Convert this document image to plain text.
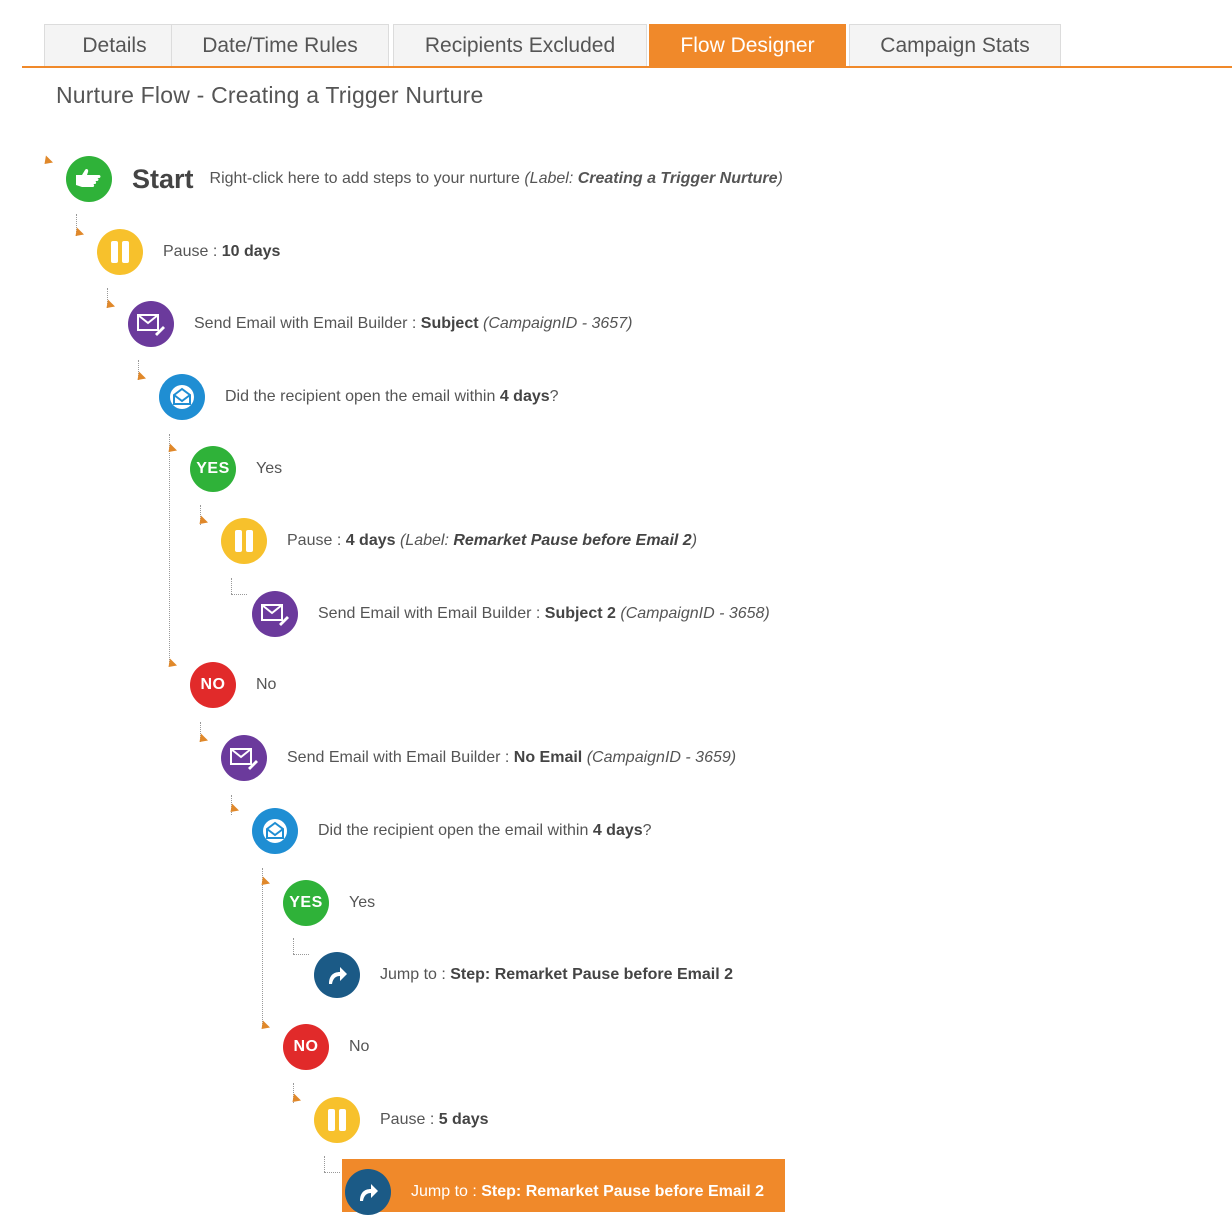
Details	Date/Time Rules	Recipients Excluded	Flow Designer	Campaign Stats
Nurture Flow - Creating a Trigger Nurture
Start Right-click here to add steps to your nurture (Label: Creating a Trigger Nurture)
Pause : 10 days
Send Email with Email Builder : Subject (CampaignID - 3657)
Did the recipient open the email within 4 days?
YES Yes
Pause : 4 days (Label: Remarket Pause before Email 2)
Send Email with Email Builder : Subject 2 (CampaignID - 3658)
NO No
Send Email with Email Builder : No Email (CampaignID - 3659)
Did the recipient open the email within 4 days?
YES Yes
Jump to : Step: Remarket Pause before Email 2
NO No
Pause : 5 days
Jump to : Step: Remarket Pause before Email 2
